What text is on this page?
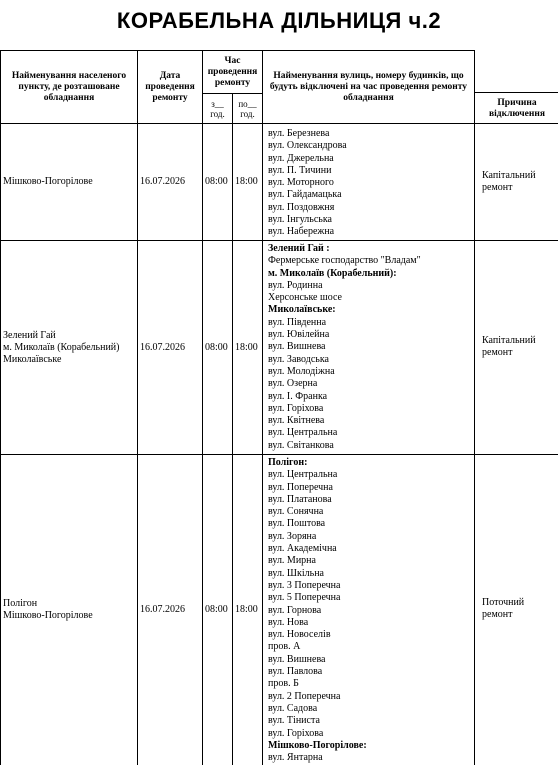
КОРАБЕЛЬНА ДІЛЬНИЦЯ ч.2
Найменування населеного пункту, де розташоване обладнання
Дата проведення ремонту
Час проведення ремонту
з__ год.
по__ год.
Найменування вулиць, номеру будинків, що будуть відключені на час проведення ремонту обладнання	Причина відключення
Мішково-Погорілове	16.07.2026 08:00 18:00
вул. Березнева
вул. Олександрова
вул. Джерельна
вул. П. Тичини
вул. Моторного
вул. Гайдамацька
вул. Поздовжня
вул. Інгульська
вул. Набережна
Капітальний ремонт
Зелений Гай
м. Миколаїв (Корабельний)
Миколаївське
16.07.2026 08:00 18:00
Зелений Гай :
Фермерське господарство "Владам"
м. Миколаїв (Корабельний):
вул. Родинна
Херсонське шосе
Миколаївське:
вул. Південна
вул. Ювілейна
вул. Вишнева
вул. Заводська
вул. Молодіжна
вул. Озерна
вул. І. Франка
вул. Горіхова
вул. Квітнева
вул. Центральна
вул. Світанкова
Капітальний ремонт
Полігон
Мішково-Погорілове
16.07.2026 08:00 18:00
Полігон:
вул. Центральна
вул. Поперечна
вул. Платанова
вул. Сонячна
вул. Поштова
вул. Зоряна
вул. Академічна
вул. Мирна
вул. Шкільна
вул. 3 Поперечна
вул. 5 Поперечна
вул. Горнова
вул. Нова
вул. Новоселів
пров. А
вул. Вишнева
вул. Павлова
пров. Б
вул. 2 Поперечна
вул. Садова
вул. Тіниста
вул. Горіхова
Мішково-Погорілове:
вул. Янтарна
Поточний ремонт
